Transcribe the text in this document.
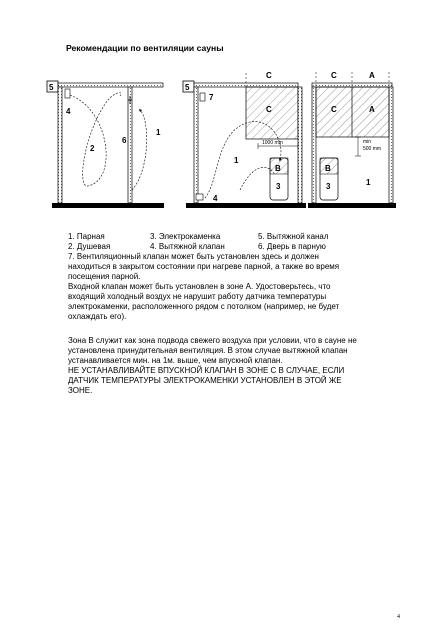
Рекомендации по вентиляции сауны
5
4
6
1
2
C
5
7
C
1000 mm
1
B
3
4
C	A
C	A
min
500 mm
B
3	1
1. Парная	3. Электрокаменка	5. Вытяжной канал
2. Душевая	4. Вытяжной клапан	6. Дверь в парную
7. Вентиляционный клапан может быть установлен здесь и должен
находиться в закрытом состоянии при нагреве парной, а также во время
посещения парной.
Входной клапан может быть установлен в зоне А. Удостоверьтесь, что
входящий холодный воздух не нарушит работу датчика температуры
электрокаменки, расположенного рядом с потолком (например, не будет
охлаждать его).
Зона В служит как зона подвода свежего воздуха при условии, что в сауне не
установлена принудительная вентиляция. В этом случае вытяжной клапан
устанавливается мин. на 1м. выше, чем впускной клапан.
НЕ УСТАНАВЛИВАЙТЕ ВПУСКНОЙ КЛАПАН В ЗОНЕ С В СЛУЧАЕ, ЕСЛИ
ДАТЧИК ТЕМПЕРАТУРЫ ЭЛЕКТРОКАМЕНКИ УСТАНОВЛЕН В ЭТОЙ ЖЕ
ЗОНЕ.
4
